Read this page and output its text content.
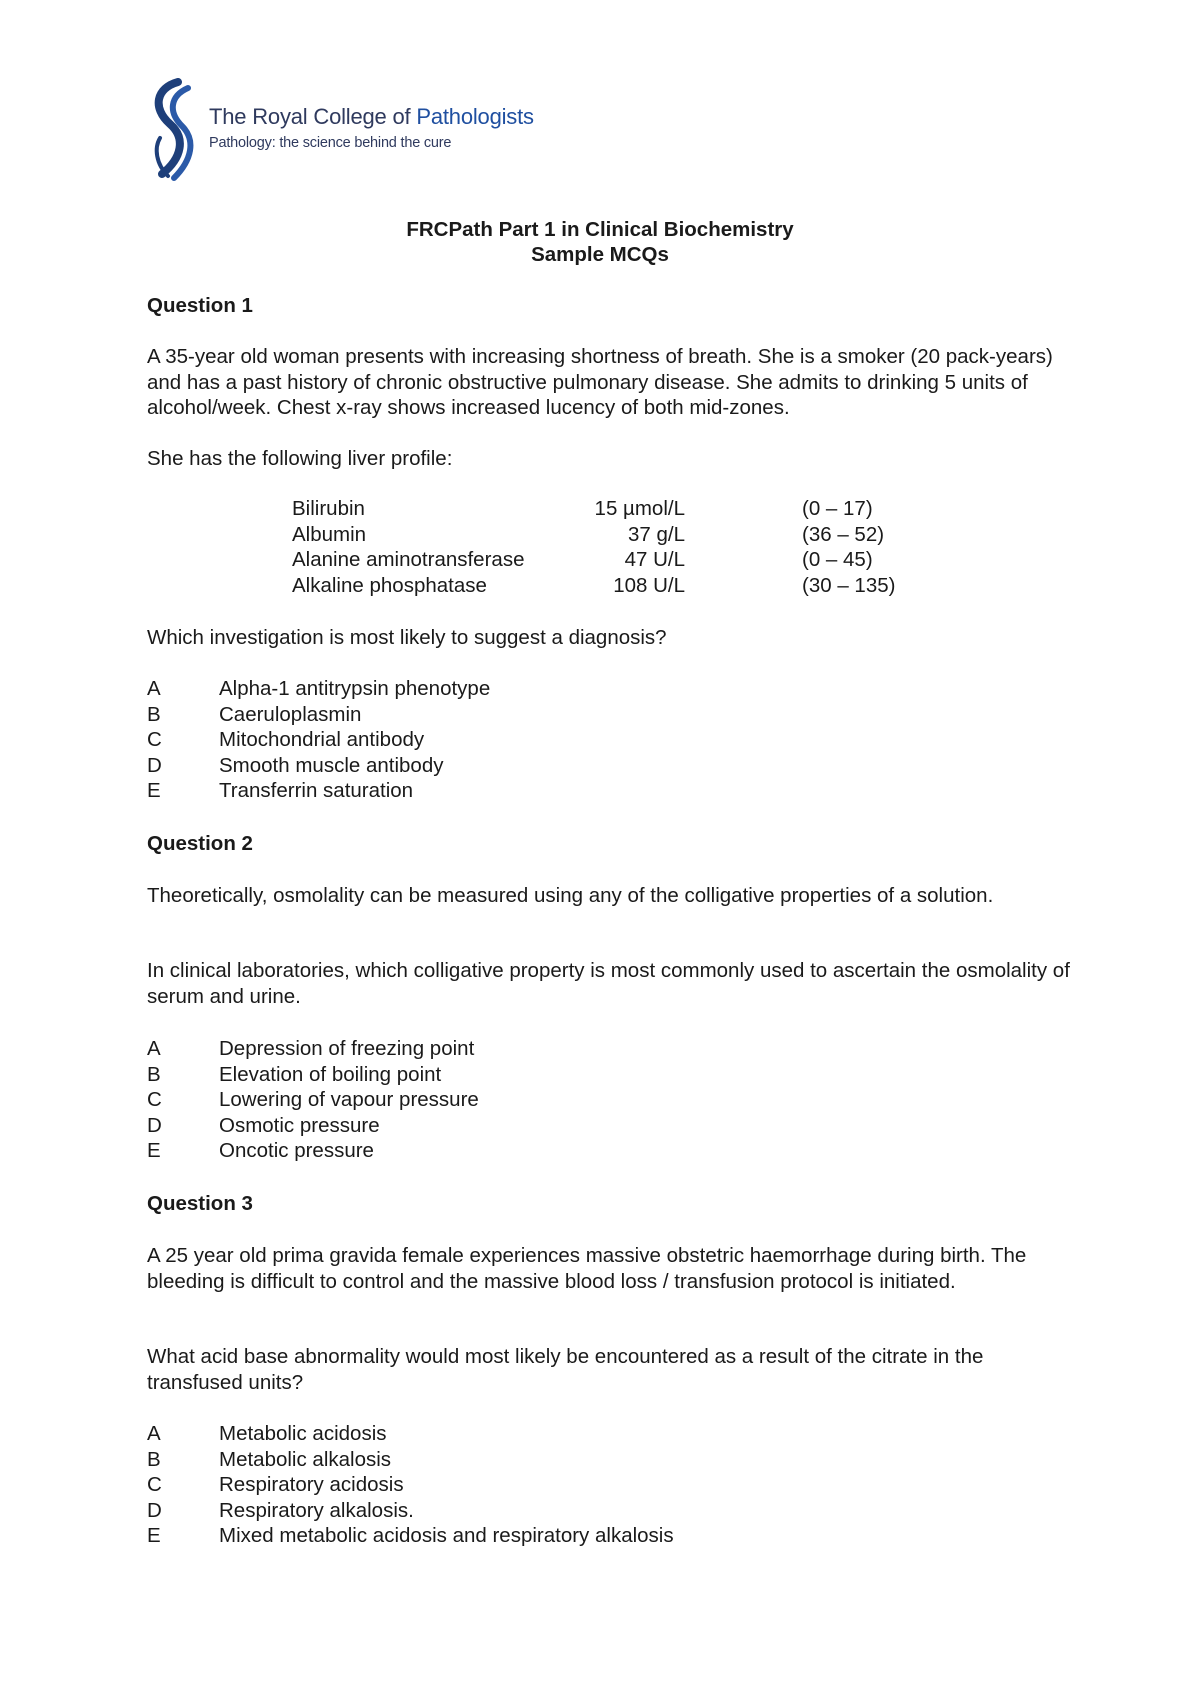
The Royal College of Pathologists
Pathology: the science behind the cure
FRCPath Part 1 in Clinical Biochemistry
Sample MCQs
Question 1
A 35-year old woman presents with increasing shortness of breath. She is a smoker (20 pack-years) and has a past history of chronic obstructive pulmonary disease. She admits to drinking 5 units of alcohol/week. Chest x-ray shows increased lucency of both mid-zones.
She has the following liver profile:
Bilirubin	15 µmol/L	(0 – 17)
Albumin	37 g/L	(36 – 52)
Alanine aminotransferase	47 U/L	(0 – 45)
Alkaline phosphatase	108 U/L	(30 – 135)
Which investigation is most likely to suggest a diagnosis?
A	Alpha-1 antitrypsin phenotype
B	Caeruloplasmin
C	Mitochondrial antibody
D	Smooth muscle antibody
E	Transferrin saturation
Question 2
Theoretically, osmolality can be measured using any of the colligative properties of a solution.
In clinical laboratories, which colligative property is most commonly used to ascertain the osmolality of serum and urine.
A	Depression of freezing point
B	Elevation of boiling point
C	Lowering of vapour pressure
D	Osmotic pressure
E	Oncotic pressure
Question 3
A 25 year old prima gravida female experiences massive obstetric haemorrhage during birth. The bleeding is difficult to control and the massive blood loss / transfusion protocol is initiated.
What acid base abnormality would most likely be encountered as a result of the citrate in the transfused units?
A	Metabolic acidosis
B	Metabolic alkalosis
C	Respiratory acidosis
D	Respiratory alkalosis.
E	Mixed metabolic acidosis and respiratory alkalosis
